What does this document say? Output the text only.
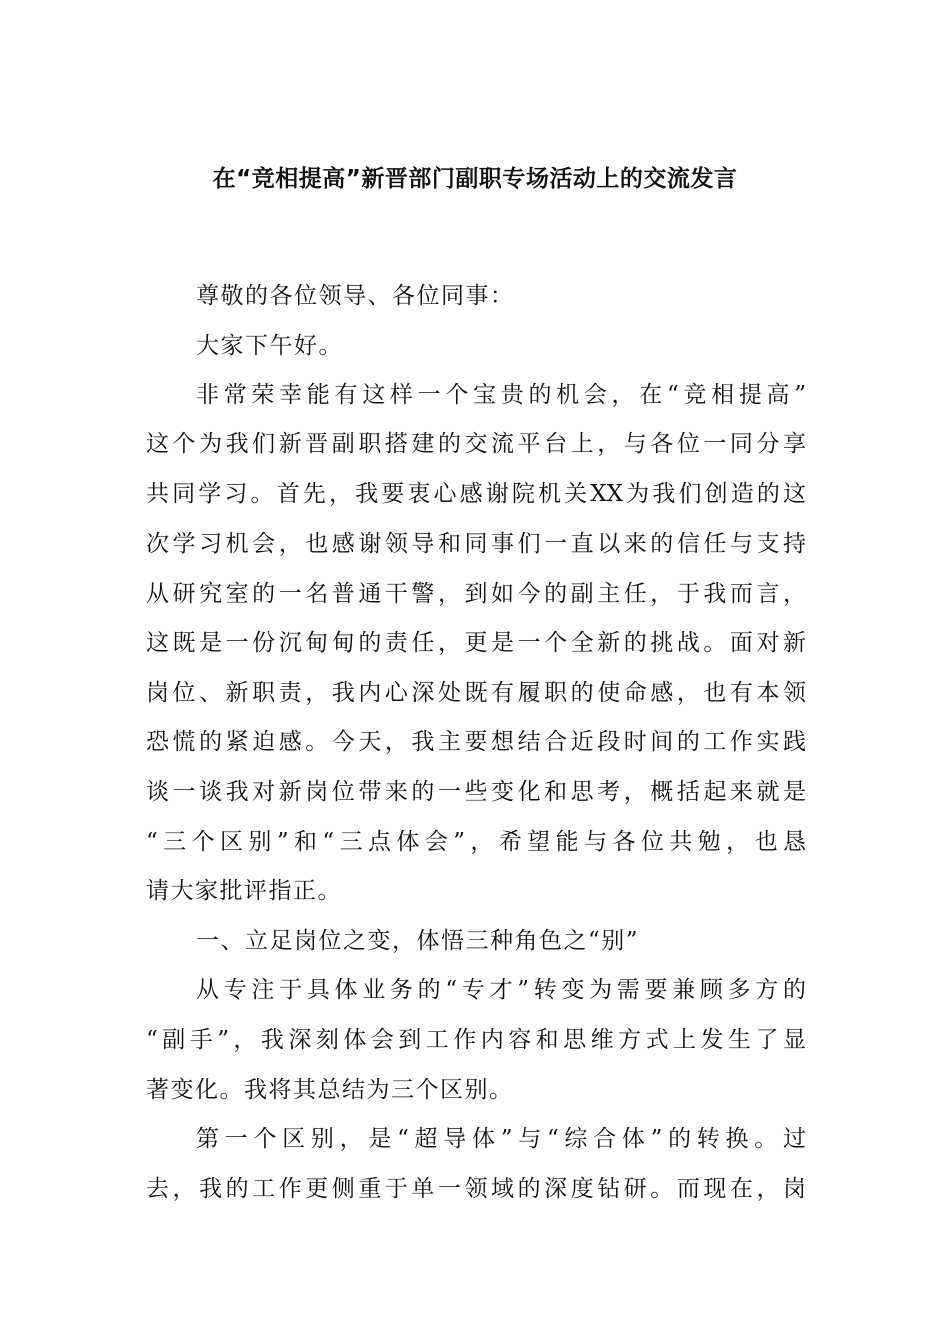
在“竞相提高”新晋部门副职专场活动上的交流发言
尊敬的各位领导、各位同事：
大家下午好。
非常荣幸能有这样一个宝贵的机会，在“竞相提高”
这个为我们新晋副职搭建的交流平台上，与各位一同分享
共同学习。首先，我要衷心感谢院机关XX为我们创造的这
次学习机会，也感谢领导和同事们一直以来的信任与支持
从研究室的一名普通干警，到如今的副主任，于我而言，
这既是一份沉甸甸的责任，更是一个全新的挑战。面对新
岗位、新职责，我内心深处既有履职的使命感，也有本领
恐慌的紧迫感。今天，我主要想结合近段时间的工作实践
谈一谈我对新岗位带来的一些变化和思考，概括起来就是
“三个区别”和“三点体会”，希望能与各位共勉，也恳
请大家批评指正。
一、立足岗位之变，体悟三种角色之“别”
从专注于具体业务的“专才”转变为需要兼顾多方的
“副手”，我深刻体会到工作内容和思维方式上发生了显
著变化。我将其总结为三个区别。
第一个区别，是“超导体”与“综合体”的转换。过
去，我的工作更侧重于单一领域的深度钻研。而现在，岗
